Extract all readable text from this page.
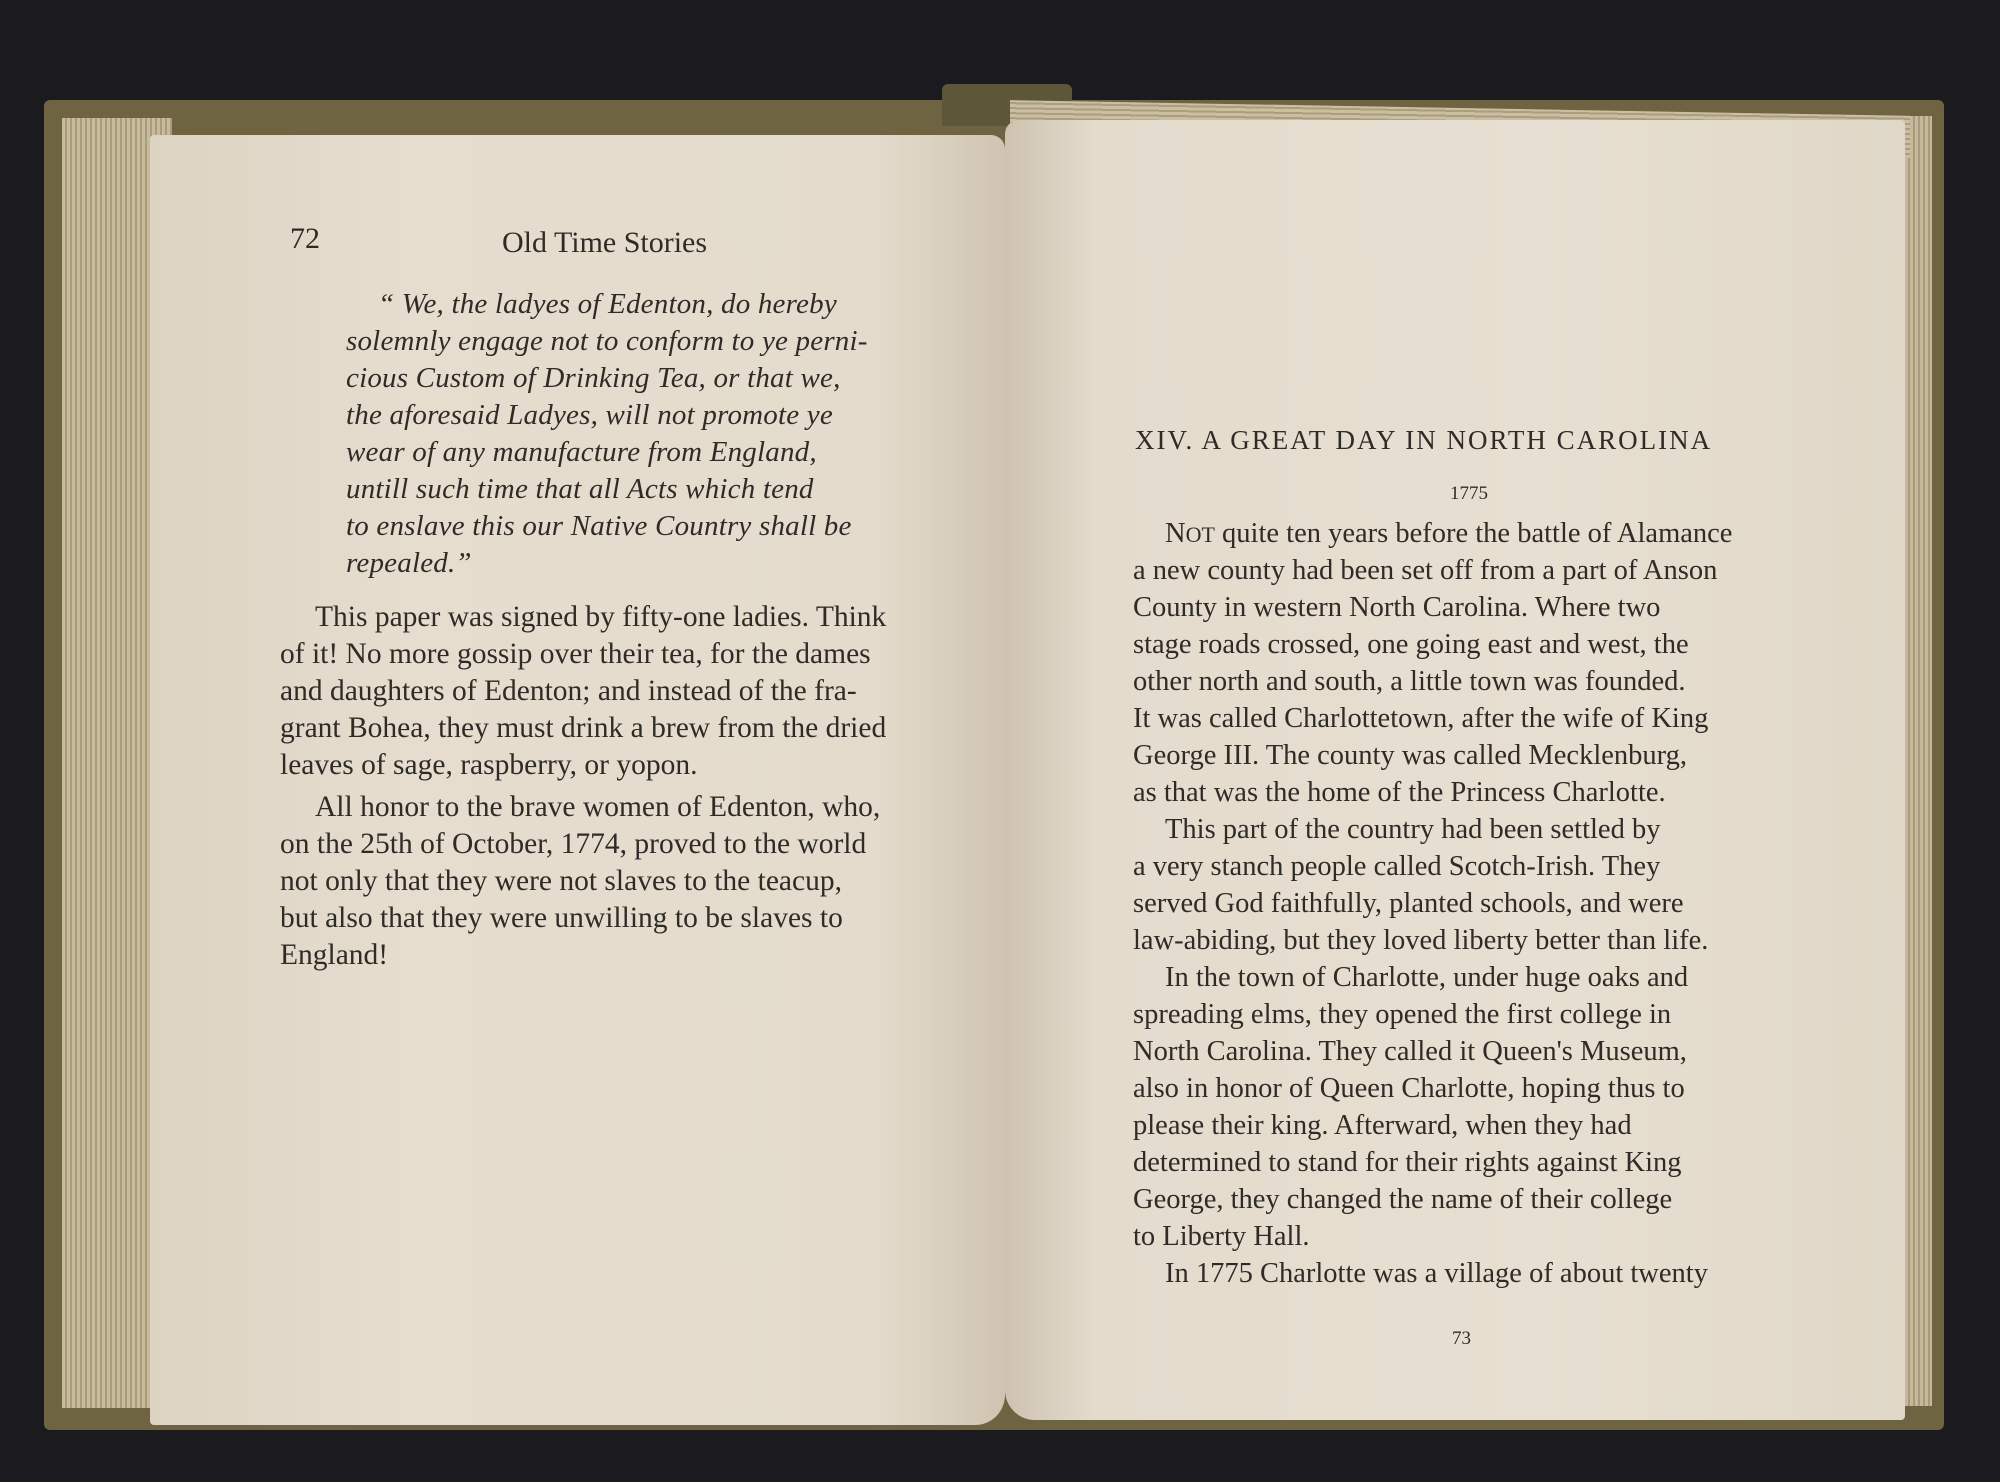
72	Old Time Stories

“ We, the ladyes of Edenton, do hereby

solemnly engage not to conform to ye perni-

cious Custom of Drinking Tea, or that we,

the aforesaid Ladyes, will not promote ye

wear of any manufacture from England,

untill such time that all Acts which tend

to enslave this our Native Country shall be

repealed.”

This paper was signed by fifty-one ladies. Think

of it! No more gossip over their tea, for the dames

and daughters of Edenton; and instead of the fra-

grant Bohea, they must drink a brew from the dried

leaves of sage, raspberry, or yopon.

All honor to the brave women of Edenton, who,

on the 25th of October, 1774, proved to the world

not only that they were not slaves to the teacup,

but also that they were unwilling to be slaves to

England!

XIV. A GREAT DAY IN NORTH CAROLINA

1775

NOT quite ten years before the battle of Alamance

a new county had been set off from a part of Anson

County in western North Carolina. Where two

stage roads crossed, one going east and west, the

other north and south, a little town was founded.

It was called Charlottetown, after the wife of King

George III. The county was called Mecklenburg,

as that was the home of the Princess Charlotte.

This part of the country had been settled by

a very stanch people called Scotch-Irish. They

served God faithfully, planted schools, and were

law-abiding, but they loved liberty better than life.

In the town of Charlotte, under huge oaks and

spreading elms, they opened the first college in

North Carolina. They called it Queen's Museum,

also in honor of Queen Charlotte, hoping thus to

please their king. Afterward, when they had

determined to stand for their rights against King

George, they changed the name of their college

to Liberty Hall.

In 1775 Charlotte was a village of about twenty

73
